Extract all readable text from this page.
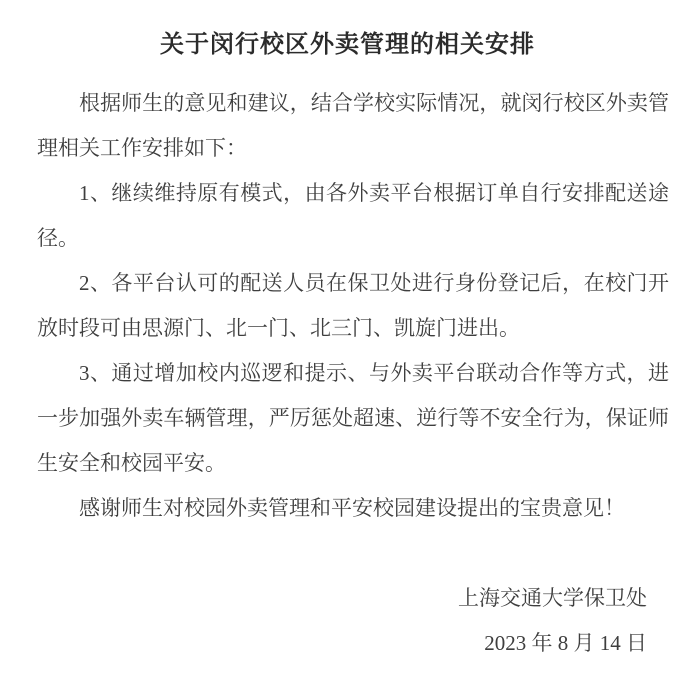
关于闵行校区外卖管理的相关安排

根据师生的意见和建议，结合学校实际情况，就闵行校区外卖管理相关工作安排如下：

1、继续维持原有模式，由各外卖平台根据订单自行安排配送途径。

2、各平台认可的配送人员在保卫处进行身份登记后，在校门开放时段可由思源门、北一门、北三门、凯旋门进出。

3、通过增加校内巡逻和提示、与外卖平台联动合作等方式，进一步加强外卖车辆管理，严厉惩处超速、逆行等不安全行为，保证师生安全和校园平安。

感谢师生对校园外卖管理和平安校园建设提出的宝贵意见！

上海交通大学保卫处

2023 年 8 月 14 日
